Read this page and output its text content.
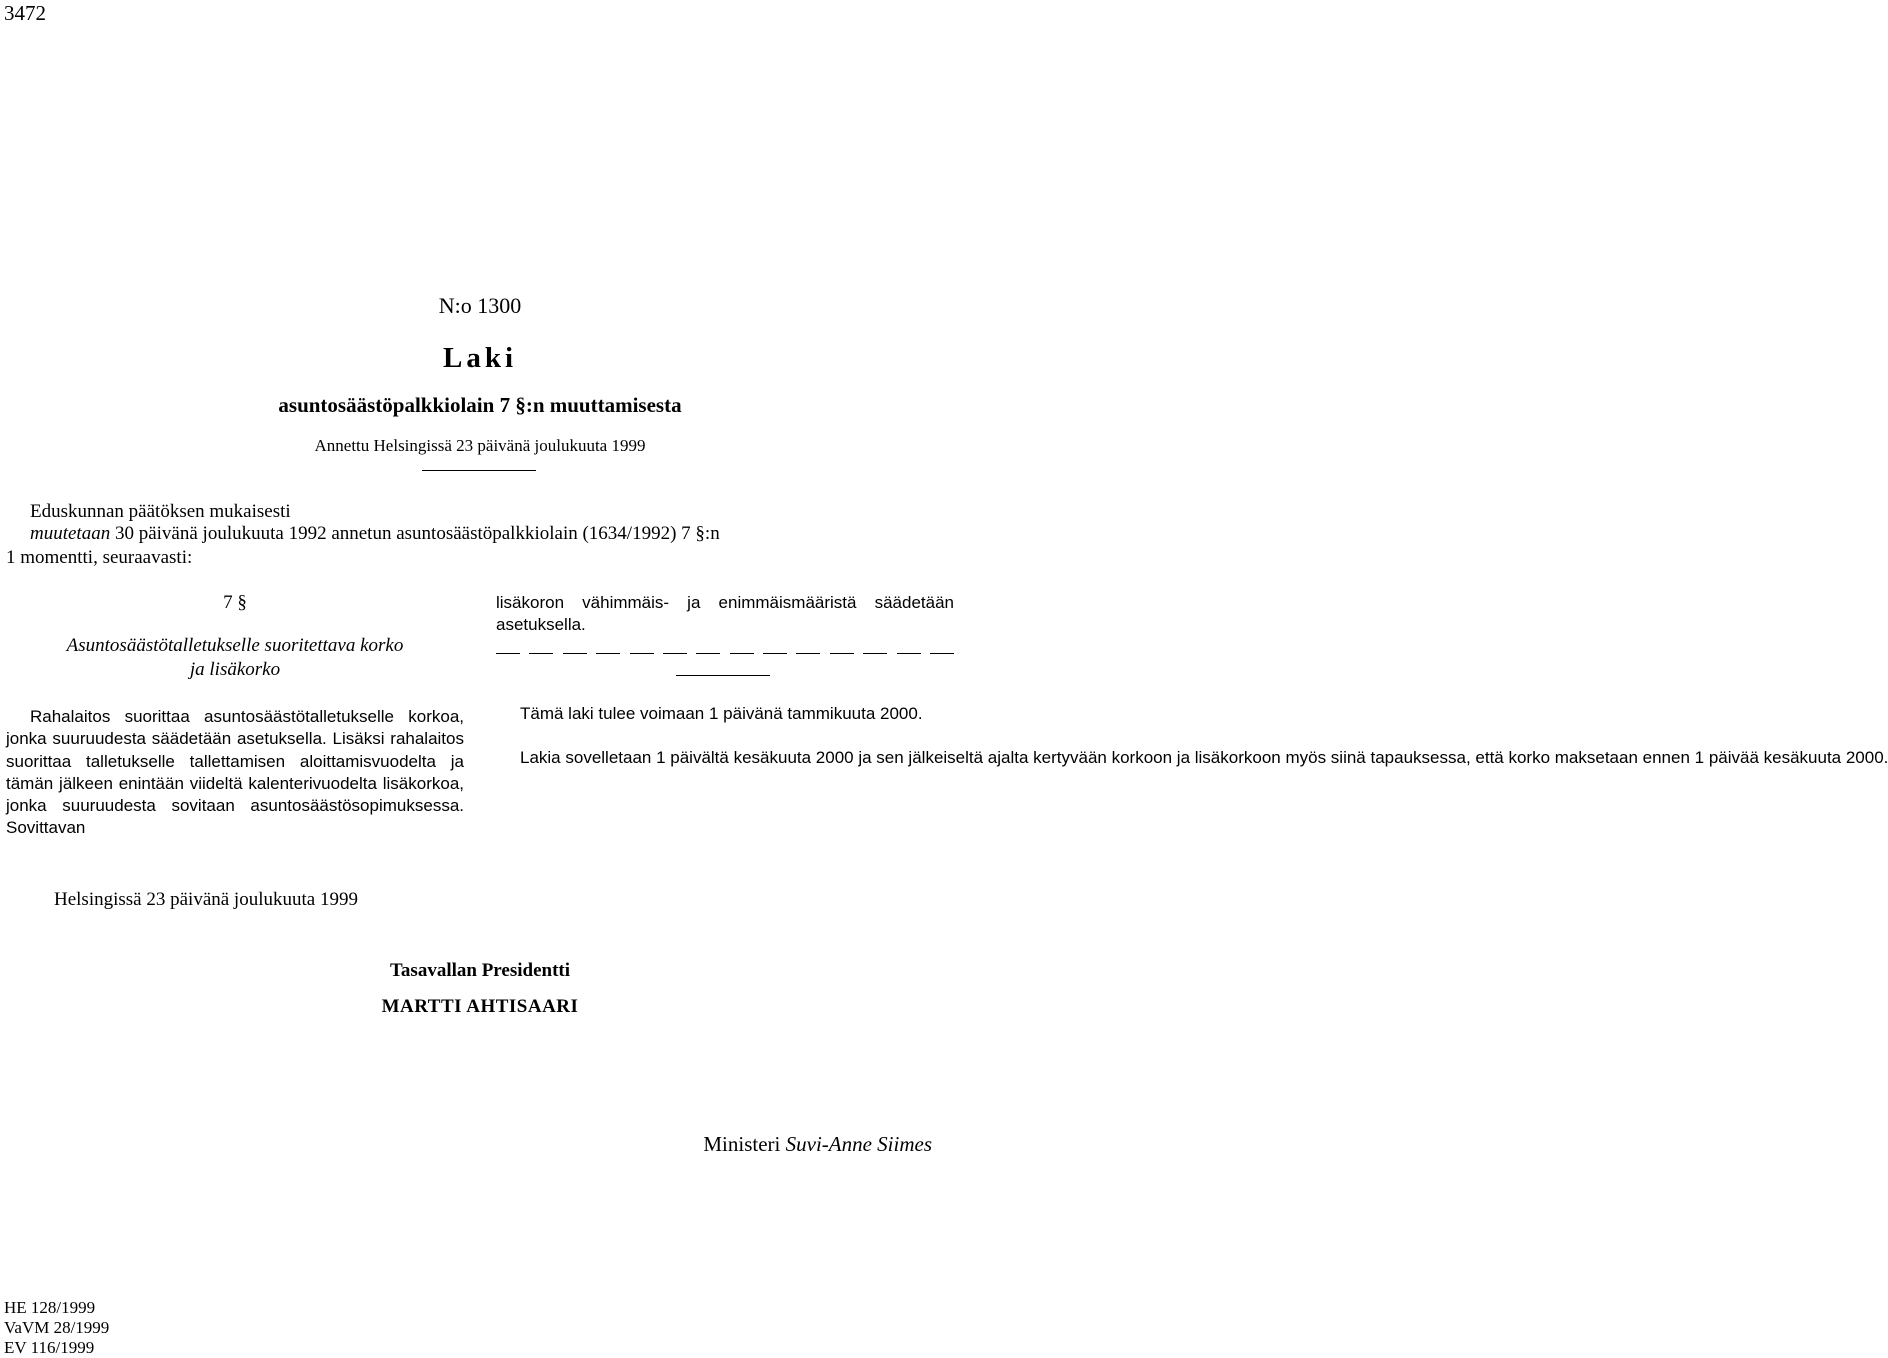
3472
N:o 1300
Laki
asuntosäästöpalkkiolain 7 §:n muuttamisesta
Annettu Helsingissä 23 päivänä joulukuuta 1999
Eduskunnan päätöksen mukaisesti
muutetaan 30 päivänä joulukuuta 1992 annetun asuntosäästöpalkkiolain (1634/1992) 7 §:n
1 momentti, seuraavasti:
7 §
Asuntosäästötalletukselle suoritettava korko
ja lisäkorko

Rahalaitos suorittaa asuntosäästötalletukselle korkoa, jonka suuruudesta säädetään asetuksella. Lisäksi rahalaitos suorittaa talletukselle tallettamisen aloittamisvuodelta ja tämän jälkeen enintään viideltä kalenterivuodelta lisäkorkoa, jonka suuruudesta sovitaan asuntosäästösopimuksessa. Sovittavan

lisäkoron vähimmäis- ja enimmäismääristä säädetään asetuksella.

Tämä laki tulee voimaan 1 päivänä tammikuuta 2000.

Lakia sovelletaan 1 päivältä kesäkuuta 2000 ja sen jälkeiseltä ajalta kertyvään korkoon ja lisäkorkoon myös siinä tapauksessa, että korko maksetaan ennen 1 päivää kesäkuuta 2000.

Helsingissä 23 päivänä joulukuuta 1999
Tasavallan Presidentti
MARTTI AHTISAARI
Ministeri Suvi-Anne Siimes
HE 128/1999
VaVM 28/1999
EV 116/1999
